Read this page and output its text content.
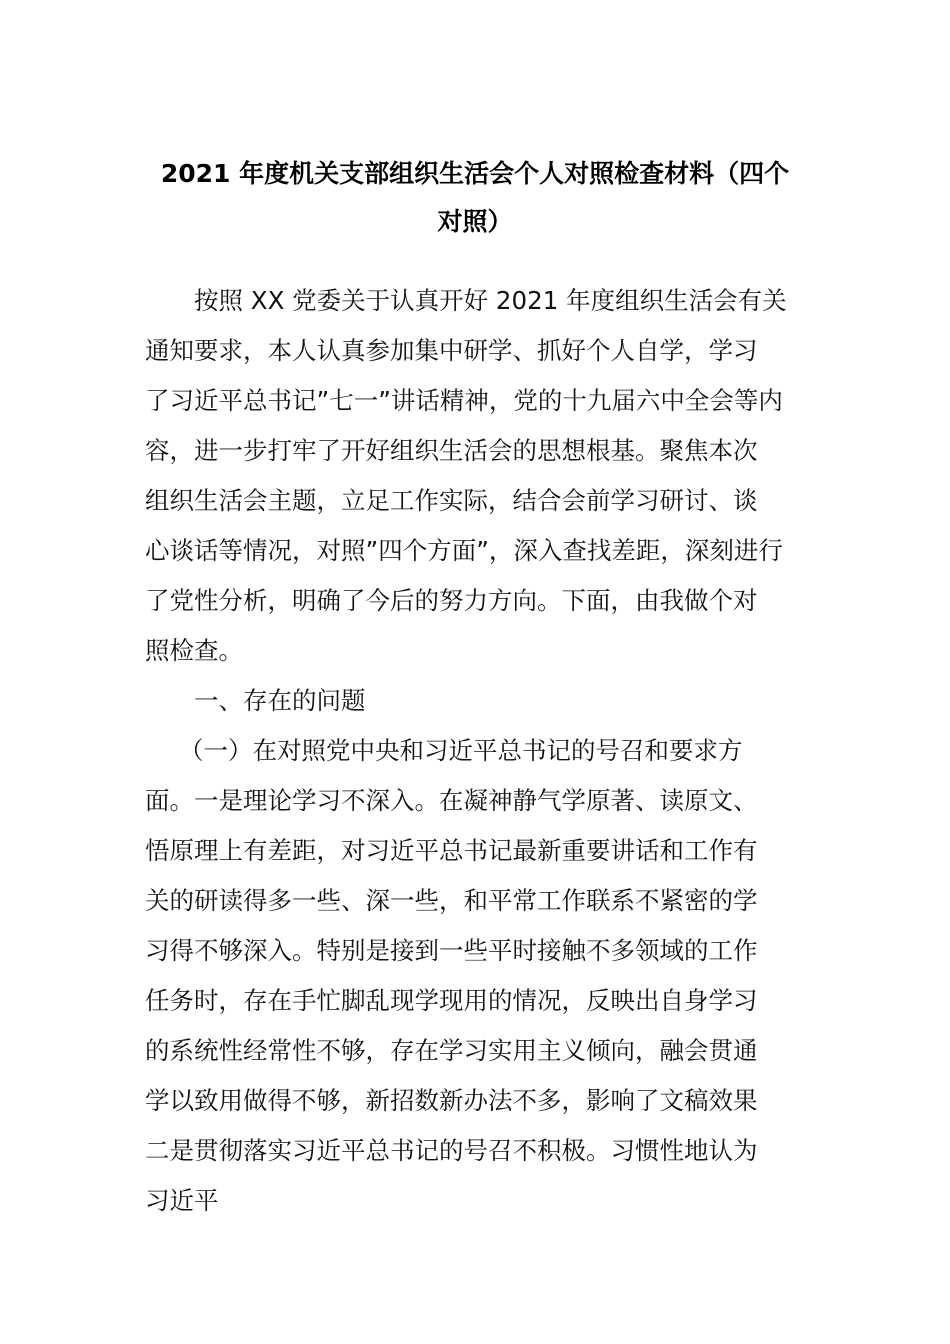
2021 年度机关支部组织生活会个人对照检查材料（四个
对照）
按照 XX 党委关于认真开好 2021 年度组织生活会有关
通知要求，本人认真参加集中研学、抓好个人自学，学习
了习近平总书记”七一”讲话精神，党的十九届六中全会等内
容，进一步打牢了开好组织生活会的思想根基。聚焦本次
组织生活会主题，立足工作实际，结合会前学习研讨、谈
心谈话等情况，对照”四个方面”，深入查找差距，深刻进行
了党性分析，明确了今后的努力方向。下面，由我做个对
照检查。
一、存在的问题
（一）在对照党中央和习近平总书记的号召和要求方
面。一是理论学习不深入。在凝神静气学原著、读原文、
悟原理上有差距，对习近平总书记最新重要讲话和工作有
关的研读得多一些、深一些，和平常工作联系不紧密的学
习得不够深入。特别是接到一些平时接触不多领域的工作
任务时，存在手忙脚乱现学现用的情况，反映出自身学习
的系统性经常性不够，存在学习实用主义倾向，融会贯通
学以致用做得不够，新招数新办法不多，影响了文稿效果
二是贯彻落实习近平总书记的号召不积极。习惯性地认为
习近平
